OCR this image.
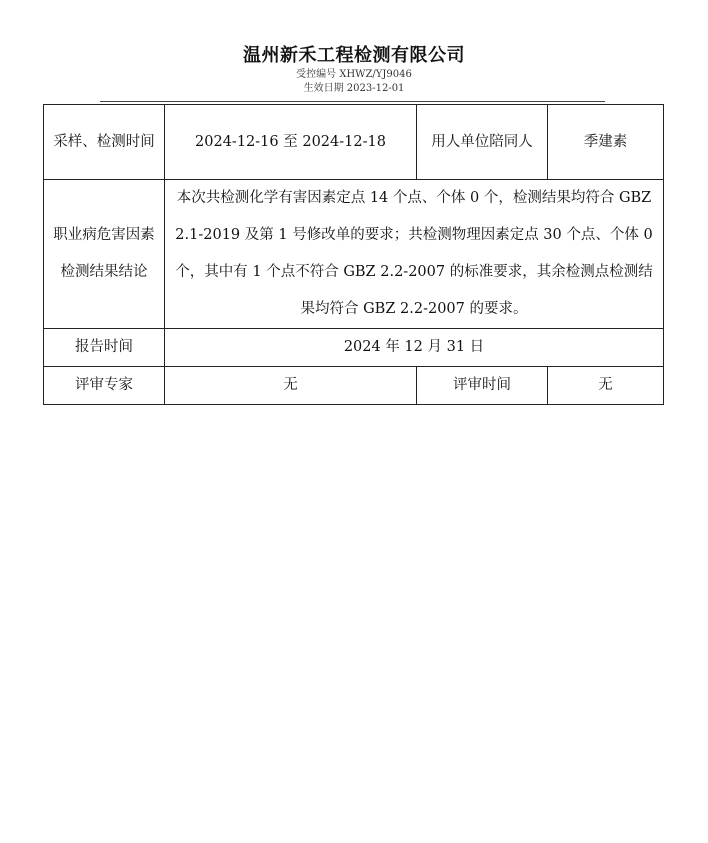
温州新禾工程检测有限公司
受控编号 XHWZ/YJ9046
生效日期 2023-12-01
采样、检测时间	2024-12-16 至 2024-12-18	用人单位陪同人	季建素
职业病危害因素检测结果结论	本次共检测化学有害因素定点 14 个点、个体 0 个，检测结果均符合 GBZ 2.1-2019 及第 1 号修改单的要求；共检测物理因素定点 30 个点、个体 0 个，其中有 1 个点不符合 GBZ 2.2-2007 的标准要求，其余检测点检测结果均符合 GBZ 2.2-2007 的要求。		
报告时间	2024 年 12 月 31 日		
评审专家	无	评审时间	无
